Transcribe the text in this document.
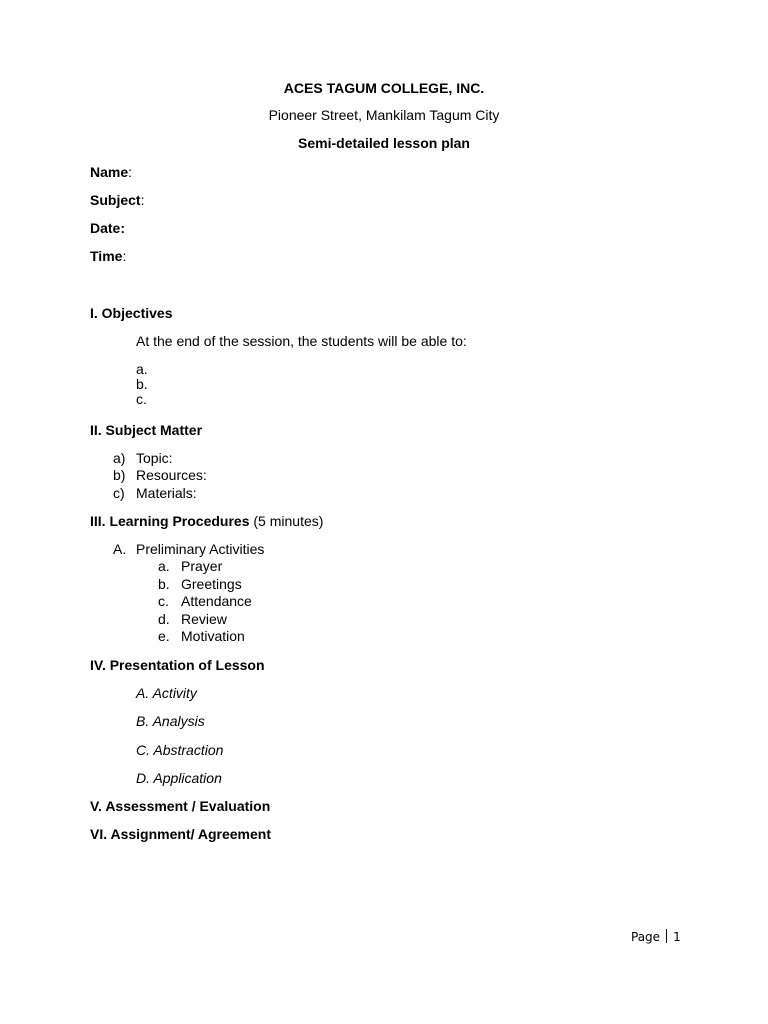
ACES TAGUM COLLEGE, INC.
Pioneer Street, Mankilam Tagum City
Semi-detailed lesson plan
Name:
Subject:
Date:
Time:
I. Objectives
At the end of the session, the students will be able to:
a.
b.
c.
II. Subject Matter
a) Topic:
b) Resources:
c) Materials:
III. Learning Procedures (5 minutes)
A. Preliminary Activities
a. Prayer
b. Greetings
c. Attendance
d. Review
e. Motivation
IV. Presentation of Lesson
A. Activity
B. Analysis
C. Abstraction
D. Application
V. Assessment / Evaluation
VI. Assignment/ Agreement
Page 1
